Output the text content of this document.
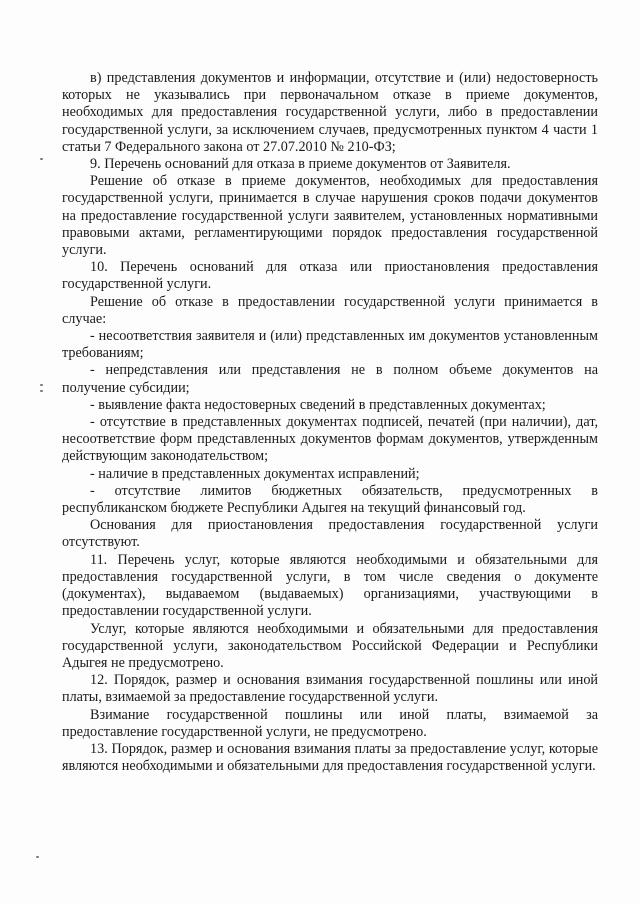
в) представления документов и информации, отсутствие и (или) недостоверность которых не указывались при первоначальном отказе в приеме документов, необходимых для предоставления государственной услуги, либо в предоставлении государственной услуги, за исключением случаев, предусмотренных пунктом 4 части 1 статьи 7 Федерального закона от 27.07.2010 № 210-ФЗ;

9. Перечень оснований для отказа в приеме документов от Заявителя.

Решение об отказе в приеме документов, необходимых для предоставления государственной услуги, принимается в случае нарушения сроков подачи документов на предоставление государственной услуги заявителем, установленных нормативными правовыми актами, регламентирующими порядок предоставления государственной услуги.

10. Перечень оснований для отказа или приостановления предоставления государственной услуги.

Решение об отказе в предоставлении государственной услуги принимается в случае:

- несоответствия заявителя и (или) представленных им документов установленным требованиям;

- непредставления или представления не в полном объеме документов на получение субсидии;

- выявление факта недостоверных сведений в представленных документах;

- отсутствие в представленных документах подписей, печатей (при наличии), дат, несоответствие форм представленных документов формам документов, утвержденным действующим законодательством;

- наличие в представленных документах исправлений;

- отсутствие лимитов бюджетных обязательств, предусмотренных в республиканском бюджете Республики Адыгея на текущий финансовый год.

Основания для приостановления предоставления государственной услуги отсутствуют.

11. Перечень услуг, которые являются необходимыми и обязательными для предоставления государственной услуги, в том числе сведения о документе (документах), выдаваемом (выдаваемых) организациями, участвующими в предоставлении государственной услуги.

Услуг, которые являются необходимыми и обязательными для предоставления государственной услуги, законодательством Российской Федерации и Республики Адыгея не предусмотрено.

12. Порядок, размер и основания взимания государственной пошлины или иной платы, взимаемой за предоставление государственной услуги.

Взимание государственной пошлины или иной платы, взимаемой за предоставление государственной услуги, не предусмотрено.

13. Порядок, размер и основания взимания платы за предоставление услуг, которые являются необходимыми и обязательными для предоставления государственной услуги.
